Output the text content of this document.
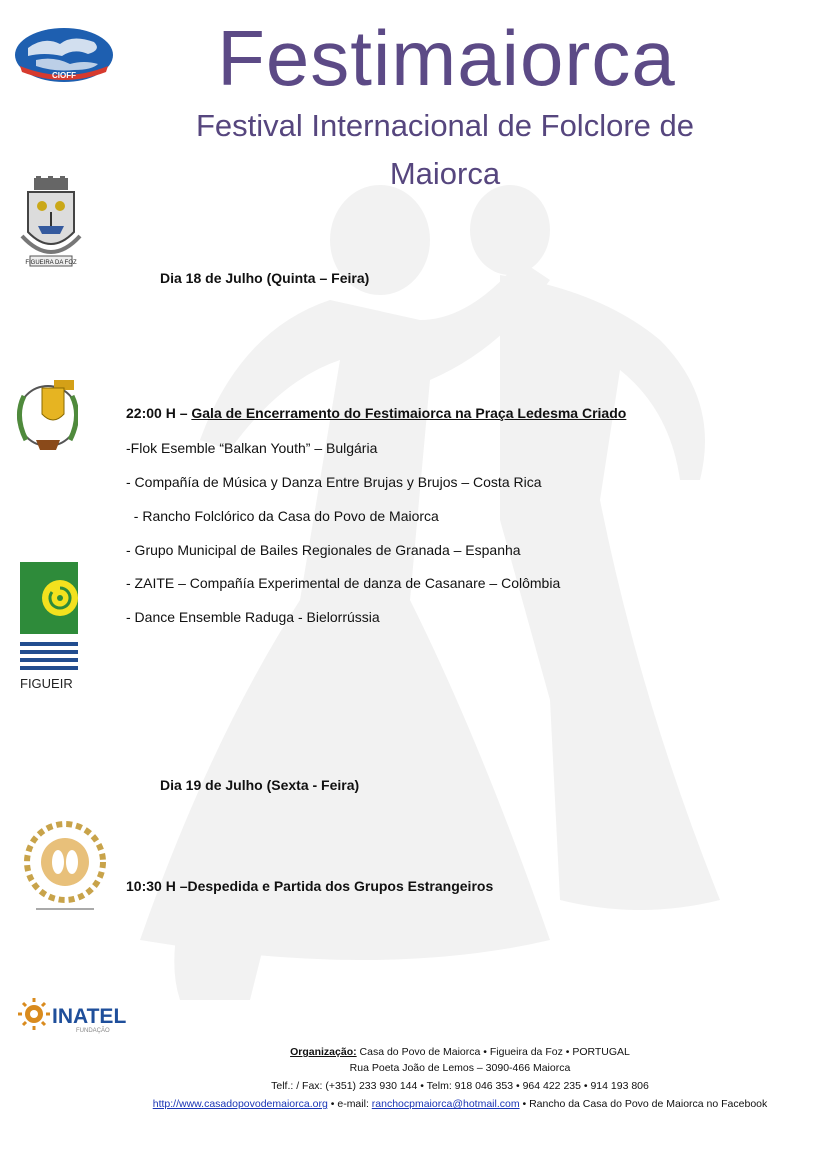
Festimaiorca
Festival Internacional de Folclore de
Maiorca
CIOFF
FIGUEIRA DA FOZ
FIGUEIR
INATEL
FUNDAÇÃO
Dia 18 de Julho (Quinta – Feira)
22:00 H – Gala de Encerramento do Festimaiorca na Praça Ledesma Criado
-Flok Esemble “Balkan Youth” – Bulgária
- Compañía de Música y Danza Entre Brujas y Brujos – Costa Rica
- Rancho Folclórico da Casa do Povo de Maiorca
- Grupo Municipal de Bailes Regionales de Granada – Espanha
- ZAITE – Compañía Experimental de danza de Casanare – Colômbia
- Dance Ensemble Raduga - Bielorrússia
Dia 19 de Julho (Sexta - Feira)
10:30 H –Despedida e Partida dos Grupos Estrangeiros
Organização: Casa do Povo de Maiorca • Figueira da Foz • PORTUGAL
Rua Poeta João de Lemos – 3090-466 Maiorca
Telf.: / Fax: (+351) 233 930 144 • Telm: 918 046 353 • 964 422 235 • 914 193 806
http://www.casadopovodemaiorca.org • e-mail: ranchocpmaiorca@hotmail.com • Rancho da Casa do Povo de Maiorca no Facebook
